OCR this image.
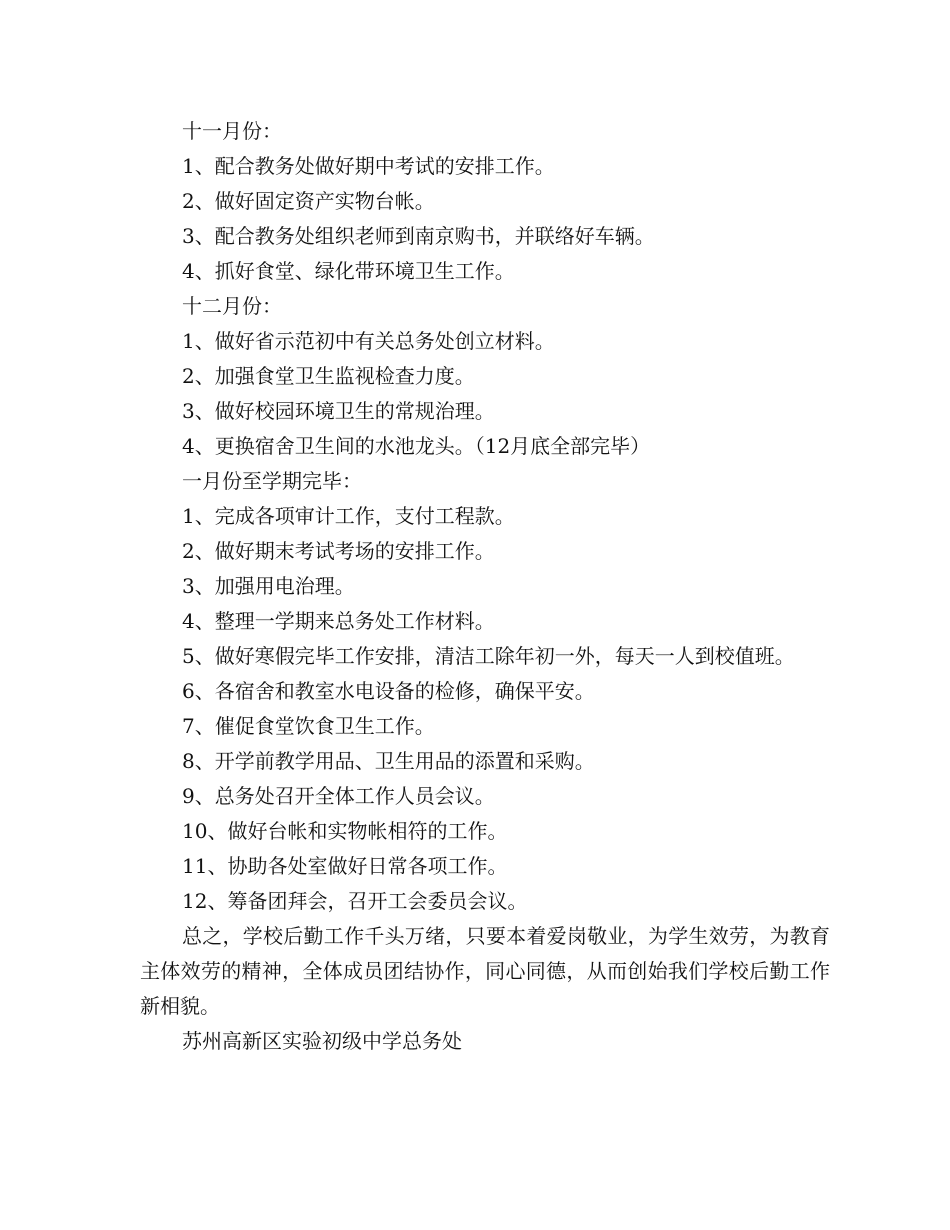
十一月份：

1、配合教务处做好期中考试的安排工作。

2、做好固定资产实物台帐。

3、配合教务处组织老师到南京购书，并联络好车辆。

4、抓好食堂、绿化带环境卫生工作。

十二月份：

1、做好省示范初中有关总务处创立材料。

2、加强食堂卫生监视检查力度。

3、做好校园环境卫生的常规治理。

4、更换宿舍卫生间的水池龙头。（12月底全部完毕）

一月份至学期完毕：

1、完成各项审计工作，支付工程款。

2、做好期末考试考场的安排工作。

3、加强用电治理。

4、整理一学期来总务处工作材料。

5、做好寒假完毕工作安排，清洁工除年初一外，每天一人到校值班。

6、各宿舍和教室水电设备的检修，确保平安。

7、催促食堂饮食卫生工作。

8、开学前教学用品、卫生用品的添置和采购。

9、总务处召开全体工作人员会议。

10、做好台帐和实物帐相符的工作。

11、协助各处室做好日常各项工作。

12、筹备团拜会，召开工会委员会议。

总之，学校后勤工作千头万绪，只要本着爱岗敬业，为学生效劳，为教育主体效劳的精神，全体成员团结协作，同心同德，从而创始我们学校后勤工作新相貌。

苏州高新区实验初级中学总务处
